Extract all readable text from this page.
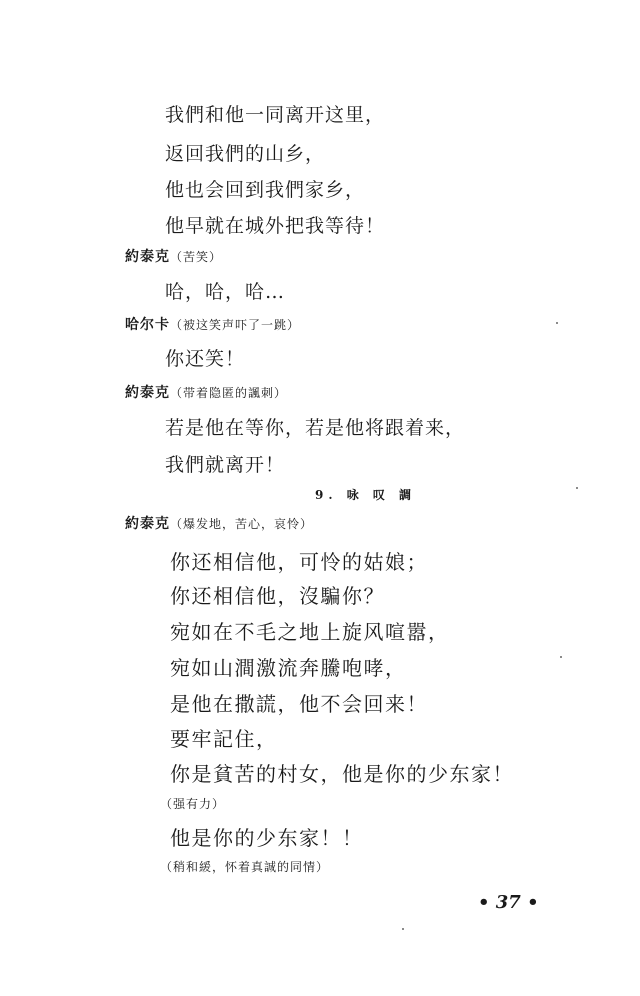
我們和他一同离开这里，
返回我們的山乡，
他也会回到我們家乡，
他早就在城外把我等待！
約泰克（苦笑）
哈，哈，哈…
哈尔卡（被这笑声吓了一跳）
你还笑！
約泰克（带着隐匿的諷刺）
若是他在等你，若是他将跟着来，
我們就离开！
9. 咏 叹 調
約泰克（爆发地，苦心，哀怜）
你还相信他，可怜的姑娘；
你还相信他，沒騙你？
宛如在不毛之地上旋风喧嚣，
宛如山澗激流奔騰咆哮，
是他在撒謊，他不会回来！
要牢記住，
你是貧苦的村女，他是你的少东家！
（强有力）
他是你的少东家！！
（稍和緩，怀着真誠的同情）
• 37 •
